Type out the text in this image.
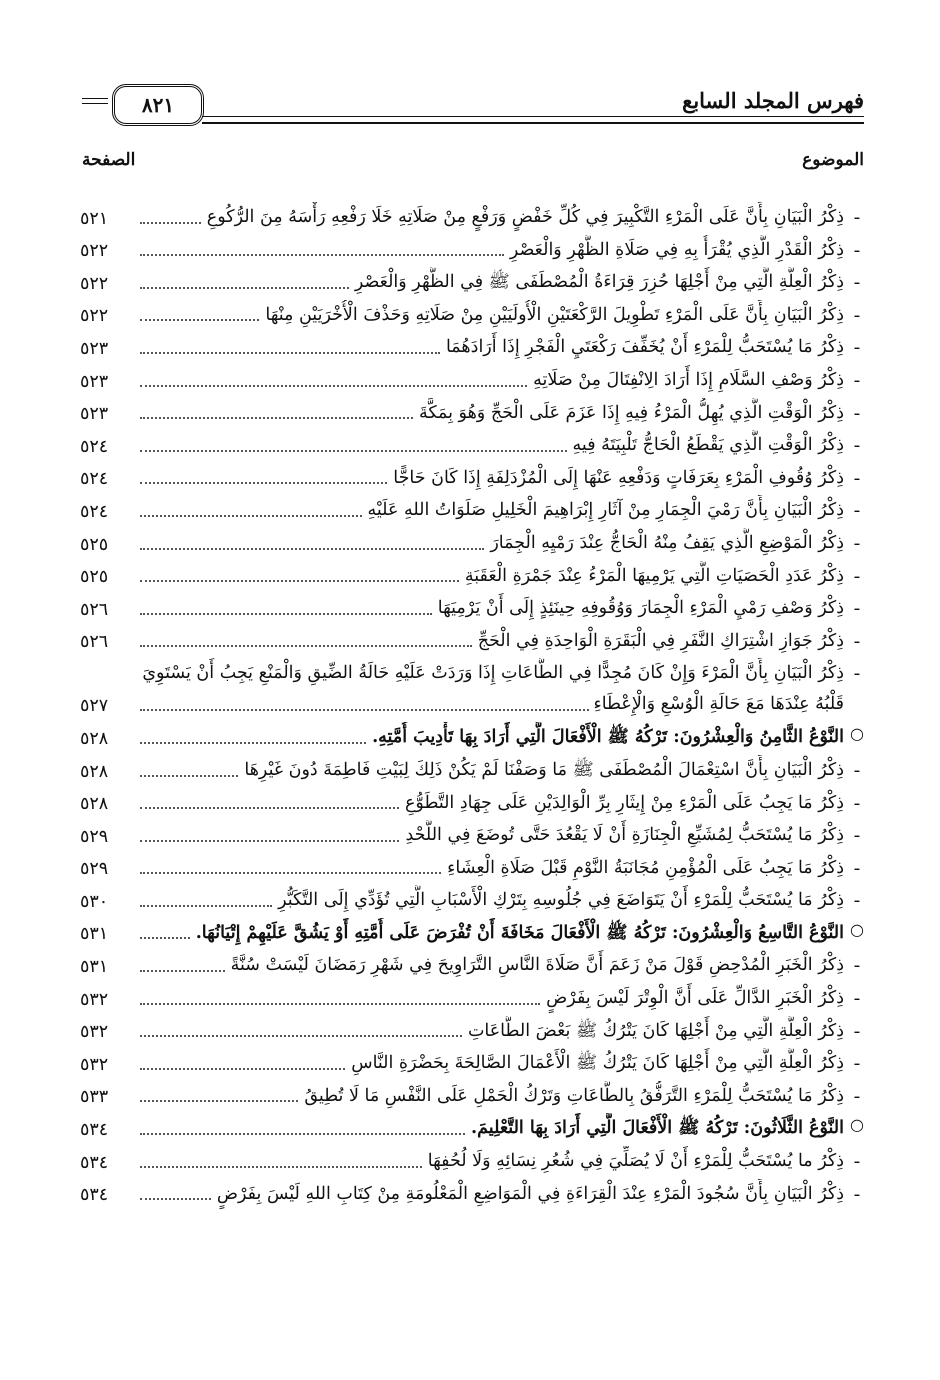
فهرس المجلد السابع
٨٢١
الموضوع
الصفحة
ـ
ذِكْرُ الْبَيَانِ بِأَنَّ عَلَى الْمَرْءِ التَّكْبِيرَ فِي كُلِّ خَفْضٍ وَرَفْعٍ مِنْ صَلَاتِهِ خَلَا رَفْعِهِ رَأْسَهُ مِنَ الرُّكُوعِ
٥٢١
ـ
ذِكْرُ الْقَدْرِ الَّذِي يُقْرَأُ بِهِ فِي صَلَاةِ الظُّهْرِ وَالْعَصْرِ
٥٢٢
ـ
ذِكْرُ الْعِلَّةِ الَّتِي مِنْ أَجْلِهَا حُزِرَ قِرَاءَةُ الْمُصْطَفَى ﷺ فِي الظُّهْرِ وَالْعَصْرِ
٥٢٢
ـ
ذِكْرُ الْبَيَانِ بِأَنَّ عَلَى الْمَرْءِ تَطْوِيلَ الرَّكْعَتَيْنِ الْأُولَيَيْنِ مِنْ صَلَاتِهِ وَحَذْفَ الْأُخْرَيَيْنِ مِنْهَا
٥٢٢
ـ
ذِكْرُ مَا يُسْتَحَبُّ لِلْمَرْءِ أَنْ يُخَفِّفَ رَكْعَتَيِ الْفَجْرِ إِذَا أَرَادَهُمَا
٥٢٣
ـ
ذِكْرُ وَصْفِ السَّلَامِ إِذَا أَرَادَ الِانْفِتَالَ مِنْ صَلَاتِهِ
٥٢٣
ـ
ذِكْرُ الْوَقْتِ الَّذِي يُهِلُّ الْمَرْءُ فِيهِ إِذَا عَزَمَ عَلَى الْحَجِّ وَهُوَ بِمَكَّةَ
٥٢٣
ـ
ذِكْرُ الْوَقْتِ الَّذِي يَقْطَعُ الْحَاجُّ تَلْبِيَتَهُ فِيهِ
٥٢٤
ـ
ذِكْرُ وُقُوفِ الْمَرْءِ بِعَرَفَاتٍ وَدَفْعِهِ عَنْهَا إِلَى الْمُزْدَلِفَةِ إِذَا كَانَ حَاجًّا
٥٢٤
ـ
ذِكْرُ الْبَيَانِ بِأَنَّ رَمْيَ الْجِمَارِ مِنْ آثَارِ إِبْرَاهِيمَ الْخَلِيلِ صَلَوَاتُ اللهِ عَلَيْهِ
٥٢٤
ـ
ذِكْرُ الْمَوْضِعِ الَّذِي يَقِفُ مِنْهُ الْحَاجُّ عِنْدَ رَمْيِهِ الْجِمَارَ
٥٢٥
ـ
ذِكْرُ عَدَدِ الْحَصَيَاتِ الَّتِي يَرْمِيهَا الْمَرْءُ عِنْدَ جَمْرَةِ الْعَقَبَةِ
٥٢٥
ـ
ذِكْرُ وَصْفِ رَمْيِ الْمَرْءِ الْجِمَارَ وَوُقُوفِهِ حِينَئِذٍ إِلَى أَنْ يَرْمِيَهَا
٥٢٦
ـ
ذِكْرُ جَوَازِ اشْتِرَاكِ النَّفَرِ فِي الْبَقَرَةِ الْوَاحِدَةِ فِي الْحَجِّ
٥٢٦
ـ
ذِكْرُ الْبَيَانِ بِأَنَّ الْمَرْءَ وَإِنْ كَانَ مُجِدًّا فِي الطَّاعَاتِ إِذَا وَرَدَتْ عَلَيْهِ حَالَةُ الضِّيقِ وَالْمَنْعِ يَجِبُ أَنْ يَسْتَوِيَ قَلْبُهُ عِنْدَهَا مَعَ حَالَةِ الْوُسْعِ وَالْإِعْطَاءِ
٥٢٧
○
النَّوْعُ الثَّامِنُ وَالْعِشْرُونَ: تَرْكُهُ ﷺ الْأَفْعَالَ الَّتِي أَرَادَ بِهَا تَأْدِيبَ أُمَّتِهِ.
٥٢٨
ـ
ذِكْرُ الْبَيَانِ بِأَنَّ اسْتِعْمَالَ الْمُصْطَفَى ﷺ مَا وَصَفْنَا لَمْ يَكُنْ ذَلِكَ لِبَيْتِ فَاطِمَةَ دُونَ غَيْرِهَا
٥٢٨
ـ
ذِكْرُ مَا يَجِبُ عَلَى الْمَرْءِ مِنْ إِيثَارِ بِرِّ الْوَالِدَيْنِ عَلَى جِهَادِ التَّطَوُّعِ
٥٢٨
ـ
ذِكْرُ مَا يُسْتَحَبُّ لِمُشَيِّعِ الْجِنَازَةِ أَنْ لَا يَقْعُدَ حَتَّى تُوضَعَ فِي اللَّحْدِ
٥٢٩
ـ
ذِكْرُ مَا يَجِبُ عَلَى الْمُؤْمِنِ مُجَانَبَةُ النَّوْمِ قَبْلَ صَلَاةِ الْعِشَاءِ
٥٢٩
ـ
ذِكْرُ مَا يُسْتَحَبُّ لِلْمَرْءِ أَنْ يَتَوَاضَعَ فِي جُلُوسِهِ بِتَرْكِ الْأَسْبَابِ الَّتِي تُؤَدِّي إِلَى التَّكَبُّرِ
٥٣٠
○
النَّوْعُ التَّاسِعُ وَالْعِشْرُونَ: تَرْكُهُ ﷺ الْأَفْعَالَ مَخَافَةَ أَنْ تُفْرَضَ عَلَى أُمَّتِهِ أَوْ يَشُقَّ عَلَيْهِمْ إِتْيَانُهَا.
٥٣١
ـ
ذِكْرُ الْخَبَرِ الْمُدْحِضِ قَوْلَ مَنْ زَعَمَ أَنَّ صَلَاةَ النَّاسِ التَّرَاوِيحَ فِي شَهْرِ رَمَضَانَ لَيْسَتْ سُنَّةً
٥٣١
ـ
ذِكْرُ الْخَبَرِ الدَّالِّ عَلَى أَنَّ الْوِتْرَ لَيْسَ بِفَرْضٍ
٥٣٢
ـ
ذِكْرُ الْعِلَّةِ الَّتِي مِنْ أَجْلِهَا كَانَ يَتْرُكُ ﷺ بَعْضَ الطَّاعَاتِ
٥٣٢
ـ
ذِكْرُ الْعِلَّةِ الَّتِي مِنْ أَجْلِهَا كَانَ يَتْرُكُ ﷺ الْأَعْمَالَ الصَّالِحَةَ بِحَضْرَةِ النَّاسِ
٥٣٢
ـ
ذِكْرُ مَا يُسْتَحَبُّ لِلْمَرْءِ التَّرَفُّقُ بِالطَّاعَاتِ وَتَرْكُ الْحَمْلِ عَلَى النَّفْسِ مَا لَا تُطِيقُ
٥٣٣
○
النَّوْعُ الثَّلَاثُونَ: تَرْكُهُ ﷺ الْأَفْعَالَ الَّتِي أَرَادَ بِهَا التَّعْلِيمَ.
٥٣٤
ـ
ذِكْرُ ما يُسْتَحَبُّ لِلْمَرْءِ أَنْ لَا يُصَلِّيَ فِي شُعُرِ نِسَائِهِ وَلَا لُحُفِهَا
٥٣٤
ـ
ذِكْرُ الْبَيَانِ بِأَنَّ سُجُودَ الْمَرْءِ عِنْدَ الْقِرَاءَةِ فِي الْمَوَاضِعِ الْمَعْلُومَةِ مِنْ كِتَابِ اللهِ لَيْسَ بِفَرْضٍ
٥٣٤
